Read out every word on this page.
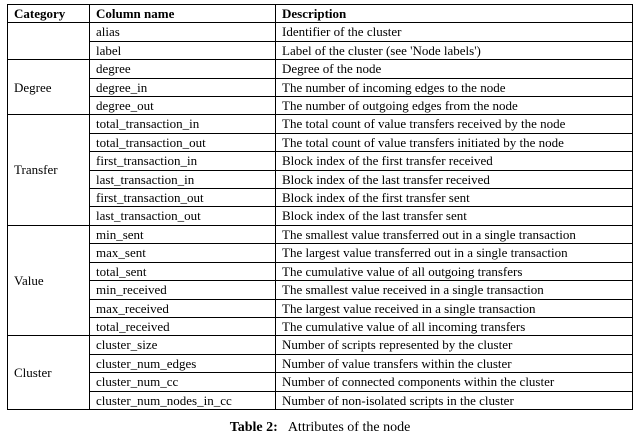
Category	Column name	Description
	alias	Identifier of the cluster
	label	Label of the cluster (see 'Node labels')
Degree	degree	Degree of the node
	degree_in	The number of incoming edges to the node
	degree_out	The number of outgoing edges from the node
Transfer	total_transaction_in	The total count of value transfers received by the node
	total_transaction_out	The total count of value transfers initiated by the node
	first_transaction_in	Block index of the first transfer received
	last_transaction_in	Block index of the last transfer received
	first_transaction_out	Block index of the first transfer sent
	last_transaction_out	Block index of the last transfer sent
Value	min_sent	The smallest value transferred out in a single transaction
	max_sent	The largest value transferred out in a single transaction
	total_sent	The cumulative value of all outgoing transfers
	min_received	The smallest value received in a single transaction
	max_received	The largest value received in a single transaction
	total_received	The cumulative value of all incoming transfers
Cluster	cluster_size	Number of scripts represented by the cluster
	cluster_num_edges	Number of value transfers within the cluster
	cluster_num_cc	Number of connected components within the cluster
	cluster_num_nodes_in_cc	Number of non-isolated scripts in the cluster
Table 2: Attributes of the node
